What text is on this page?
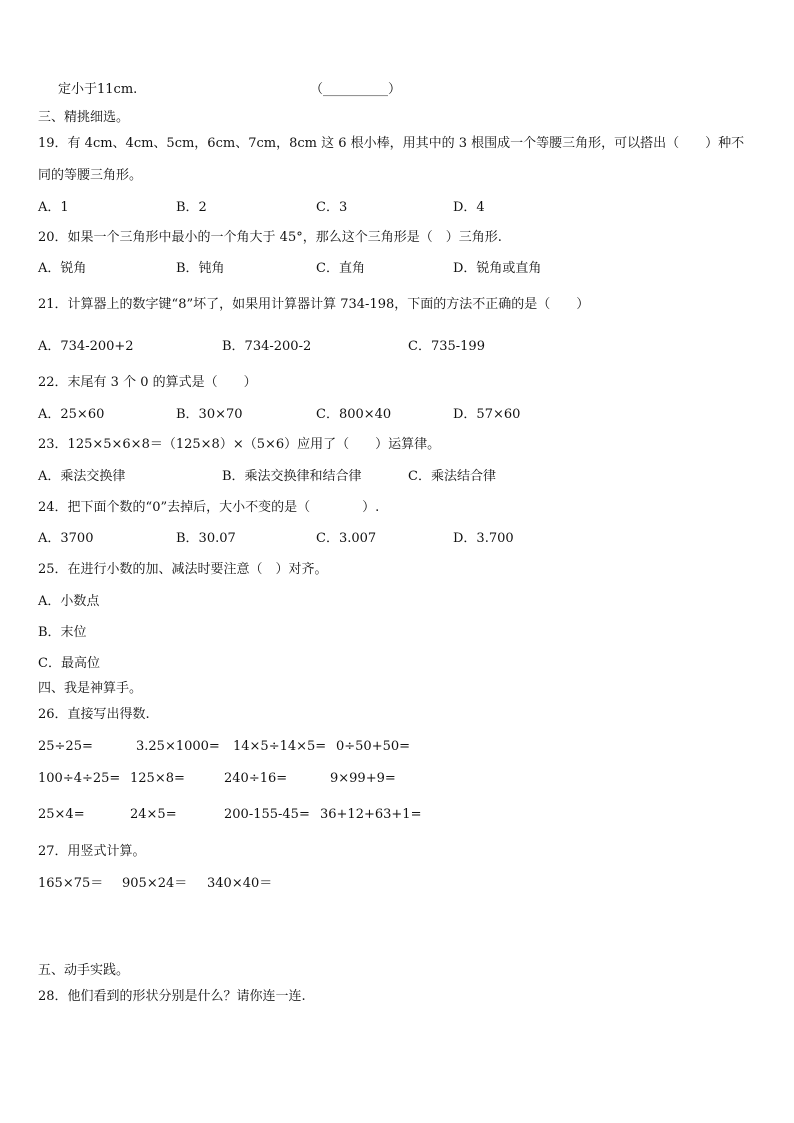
定小于11cm.	（__________）
三、精挑细选。
19．有 4cm、4cm、5cm，6cm、7cm，8cm 这 6 根小棒，用其中的 3 根围成一个等腰三角形，可以搭出（　　）种不
同的等腰三角形。
A．1	B．2	C．3	D．4
20．如果一个三角形中最小的一个角大于 45°，那么这个三角形是（　）三角形.
A．锐角	B．钝角	C．直角	D．锐角或直角
21．计算器上的数字键“8”坏了，如果用计算器计算 734-198，下面的方法不正确的是（　　）
A．734-200+2	B．734-200-2	C．735-199
22．末尾有 3 个 0 的算式是（　　）
A．25×60	B．30×70	C．800×40	D．57×60
23．125×5×6×8＝（125×8）×（5×6）应用了（　　）运算律。
A．乘法交换律	B．乘法交换律和结合律	C．乘法结合律
24．把下面个数的“0”去掉后，大小不变的是（　　　　）.
A．3700	B．30.07	C．3.007	D．3.700
25．在进行小数的加、减法时要注意（　）对齐。
A．小数点
B．末位
C．最高位
四、我是神算手。
26．直接写出得数.
25÷25=	3.25×1000= 14×5÷14×5= 0÷50+50=
100÷4÷25= 125×8=	240÷16=	9×99+9=
25×4=	24×5=	200-155-45= 36+12+63+1=
27．用竖式计算。
165×75＝ 905×24＝ 340×40＝
五、动手实践。
28．他们看到的形状分别是什么？请你连一连.
